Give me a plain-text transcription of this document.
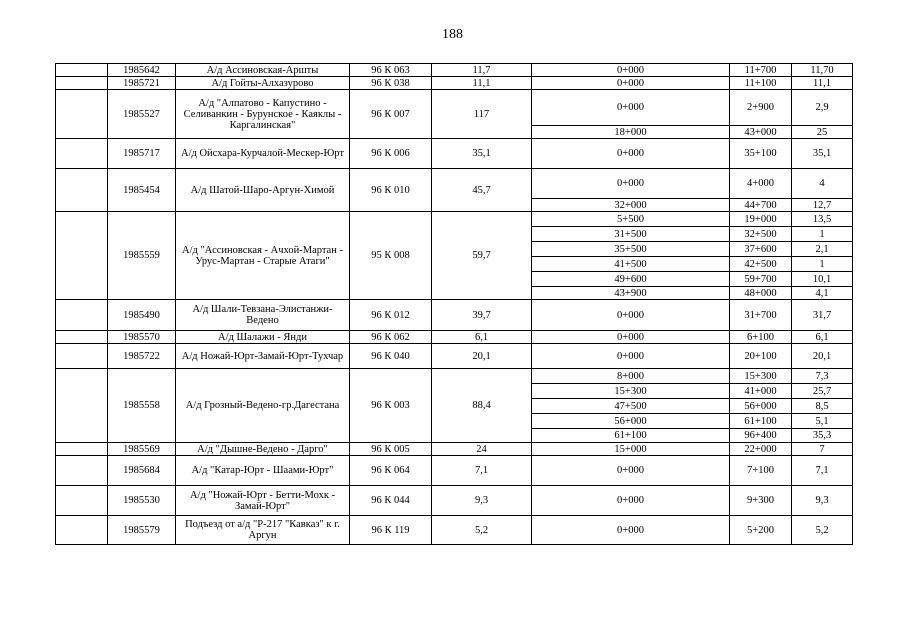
188
	1985642	А/д Ассиновская-Аршты	96 К 063	11,7	0+000	11+700	11,70
	1985721	А/д Гойты-Алхазурово	96 К 038	11,1	0+000	11+100	11,1
	1985527	А/д "Алпатово - Капустино - Селиванкин - Бурунское - Каяклы - Каргалинская"	96 К 007	117	0+000	2+900	2,9
					18+000	43+000	25
	1985717	А/д Ойсхара-Курчалой-Мескер-Юрт	96 К 006	35,1	0+000	35+100	35,1
	1985454	А/д Шатой-Шаро-Аргун-Химой	96 К 010	45,7	0+000	4+000	4
					32+000	44+700	12,7
	1985559	А/д "Ассиновская - Ачхой-Мартан - Урус-Мартан - Старые Атаги"	95 К 008	59,7	5+500	19+000	13,5
					31+500	32+500	1
					35+500	37+600	2,1
					41+500	42+500	1
					49+600	59+700	10,1
					43+900	48+000	4,1
	1985490	А/д Шали-Тевзана-Элистанжи-Ведено	96 К 012	39,7	0+000	31+700	31,7
	1985570	А/д Шалажи - Янди	96 К 062	6,1	0+000	6+100	6,1
	1985722	А/д Ножай-Юрт-Замай-Юрт-Тухчар	96 К 040	20,1	0+000	20+100	20,1
	1985558	А/д Грозный-Ведено-гр.Дагестана	96 К 003	88,4	8+000	15+300	7,3
					15+300	41+000	25,7
					47+500	56+000	8,5
					56+000	61+100	5,1
					61+100	96+400	35,3
	1985569	А/д "Дышне-Ведено - Дарго"	96 К 005	24	15+000	22+000	7
	1985684	А/д "Катар-Юрт - Шаами-Юрт"	96 К 064	7,1	0+000	7+100	7,1
	1985530	А/д "Ножай-Юрт - Бетти-Мохк - Замай-Юрт"	96 К 044	9,3	0+000	9+300	9,3
	1985579	Подъезд от а/д "Р-217 "Кавказ" к г. Аргун	96 К 119	5,2	0+000	5+200	5,2
